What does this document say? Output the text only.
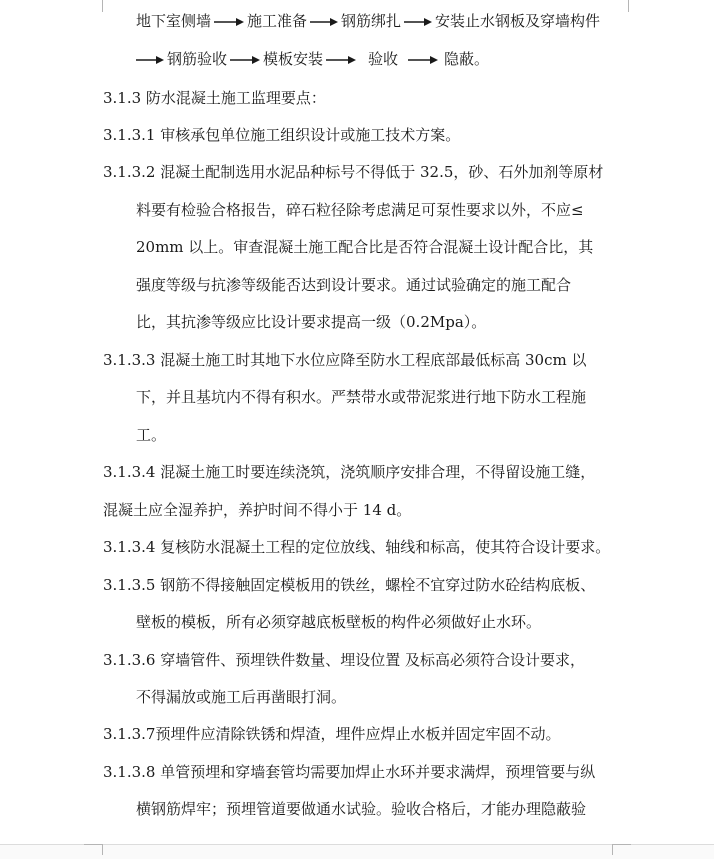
地下室侧墙 施工准备 钢筋绑扎 安装止水钢板及穿墙构件
钢筋验收 模板安装	验收	隐蔽。
3.1.3 防水混凝土施工监理要点：
3.1.3.1 审核承包单位施工组织设计或施工技术方案。
3.1.3.2 混凝土配制选用水泥品种标号不得低于 32.5，砂、石外加剂等原材
料要有检验合格报告，碎石粒径除考虑满足可泵性要求以外，不应≤
20mm 以上。审查混凝土施工配合比是否符合混凝土设计配合比，其
强度等级与抗渗等级能否达到设计要求。通过试验确定的施工配合
比，其抗渗等级应比设计要求提高一级（0.2Mpa）。
3.1.3.3 混凝土施工时其地下水位应降至防水工程底部最低标高 30cm 以
下，并且基坑内不得有积水。严禁带水或带泥浆进行地下防水工程施
工。
3.1.3.4 混凝土施工时要连续浇筑，浇筑顺序安排合理，不得留设施工缝，
混凝土应全湿养护，养护时间不得小于 14 d。
3.1.3.4 复核防水混凝土工程的定位放线、轴线和标高，使其符合设计要求。
3.1.3.5 钢筋不得接触固定模板用的铁丝，螺栓不宜穿过防水砼结构底板、
壁板的模板，所有必须穿越底板壁板的构件必须做好止水环。
3.1.3.6 穿墙管件、预埋铁件数量、埋设位置 及标高必须符合设计要求，
不得漏放或施工后再凿眼打洞。
3.1.3.7预埋件应清除铁锈和焊渣，埋件应焊止水板并固定牢固不动。
3.1.3.8 单管预埋和穿墙套管均需要加焊止水环并要求满焊，预埋管要与纵
横钢筋焊牢；预埋管道要做通水试验。验收合格后，才能办理隐蔽验
